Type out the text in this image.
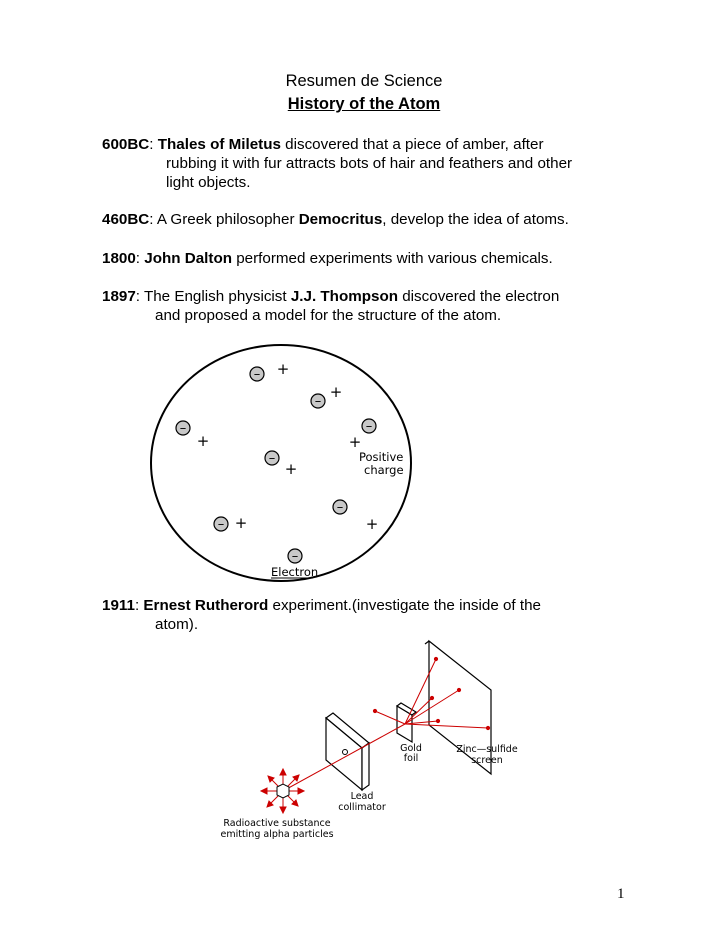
Resumen de Science
History of the Atom
600BC: Thales of Miletus discovered that a piece of amber, after
rubbing it with fur attracts bots of hair and feathers and other
light objects.
460BC: A Greek philosopher Democritus, develop the idea of atoms.
1800: John Dalton performed experiments with various chemicals.
1897: The English physicist J.J. Thompson discovered the electron
and proposed a model for the structure of the atom.
–
–
–	–
–
–
–
–
+
+
+	+
+
+	+
Positive
charge
Electron
1911: Ernest Rutherord experiment.(investigate the inside of the
atom).
Gold
foil
Zinc—sulfide
screen
Lead
collimator
Radioactive substance
emitting alpha particles
1
